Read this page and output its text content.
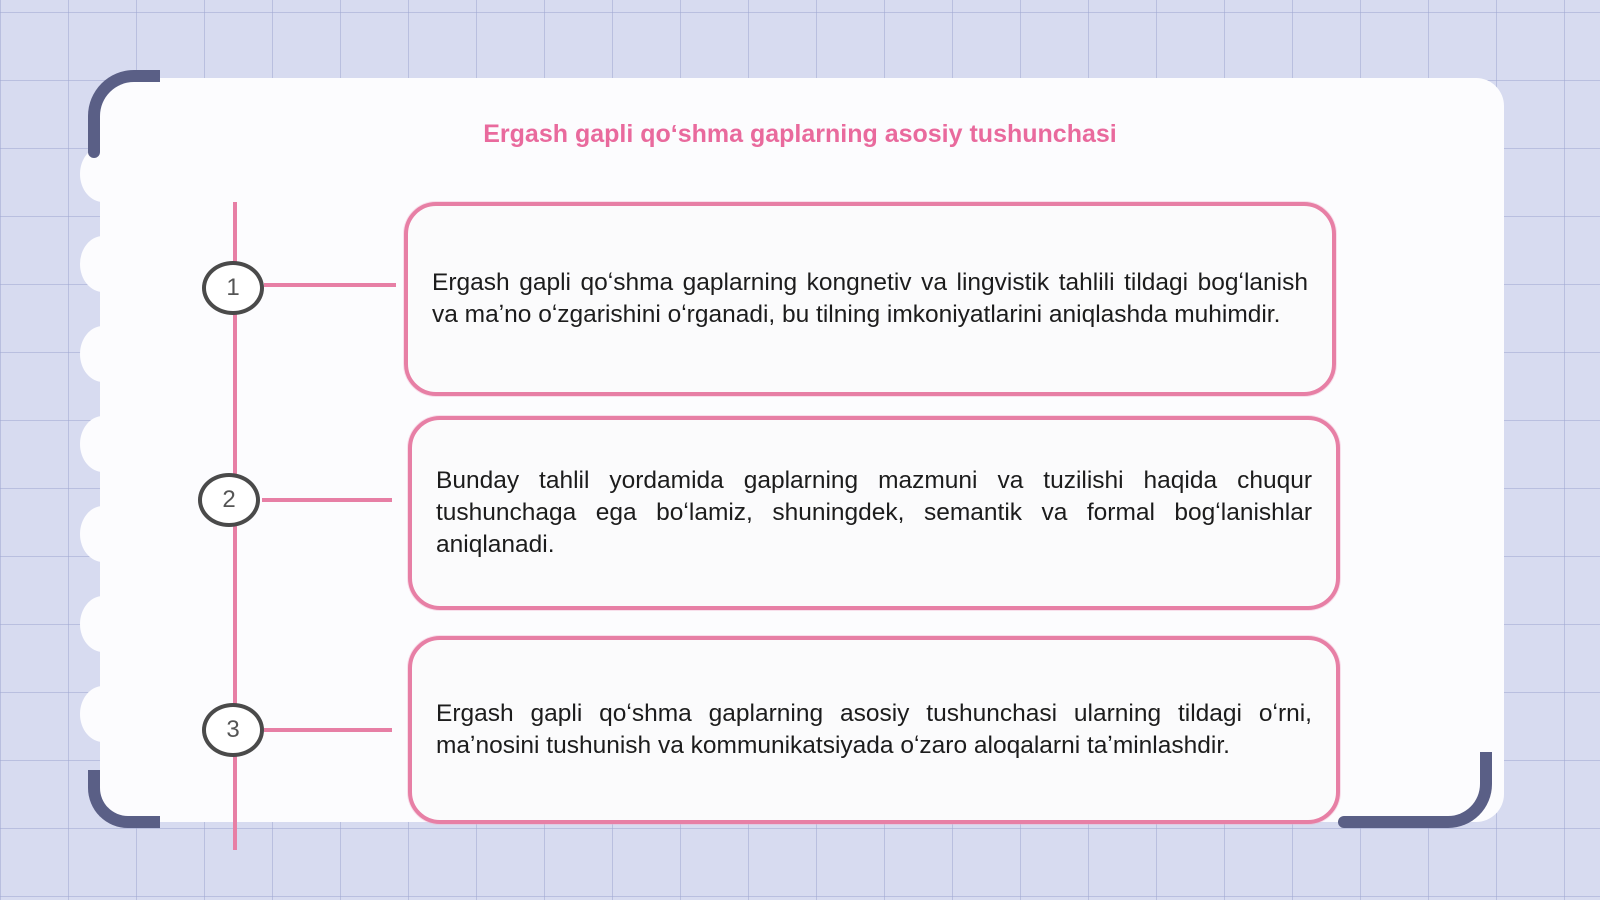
Ergash gapli qoʻshma gaplarning asosiy tushunchasi
1
2
3

Ergash gapli qoʻshma gaplarning kongnetiv va lingvistik tahlili tildagi bogʻlanish va maʼno oʻzgarishini oʻrganadi, bu tilning imkoniyatlarini aniqlashda muhimdir.

Bunday tahlil yordamida gaplarning mazmuni va tuzilishi haqida chuqur tushunchaga ega boʻlamiz, shuningdek, semantik va formal bogʻlanishlar aniqlanadi.

Ergash gapli qoʻshma gaplarning asosiy tushunchasi ularning tildagi oʻrni, maʼnosini tushunish va kommunikatsiyada oʻzaro aloqalarni taʼminlashdir.
